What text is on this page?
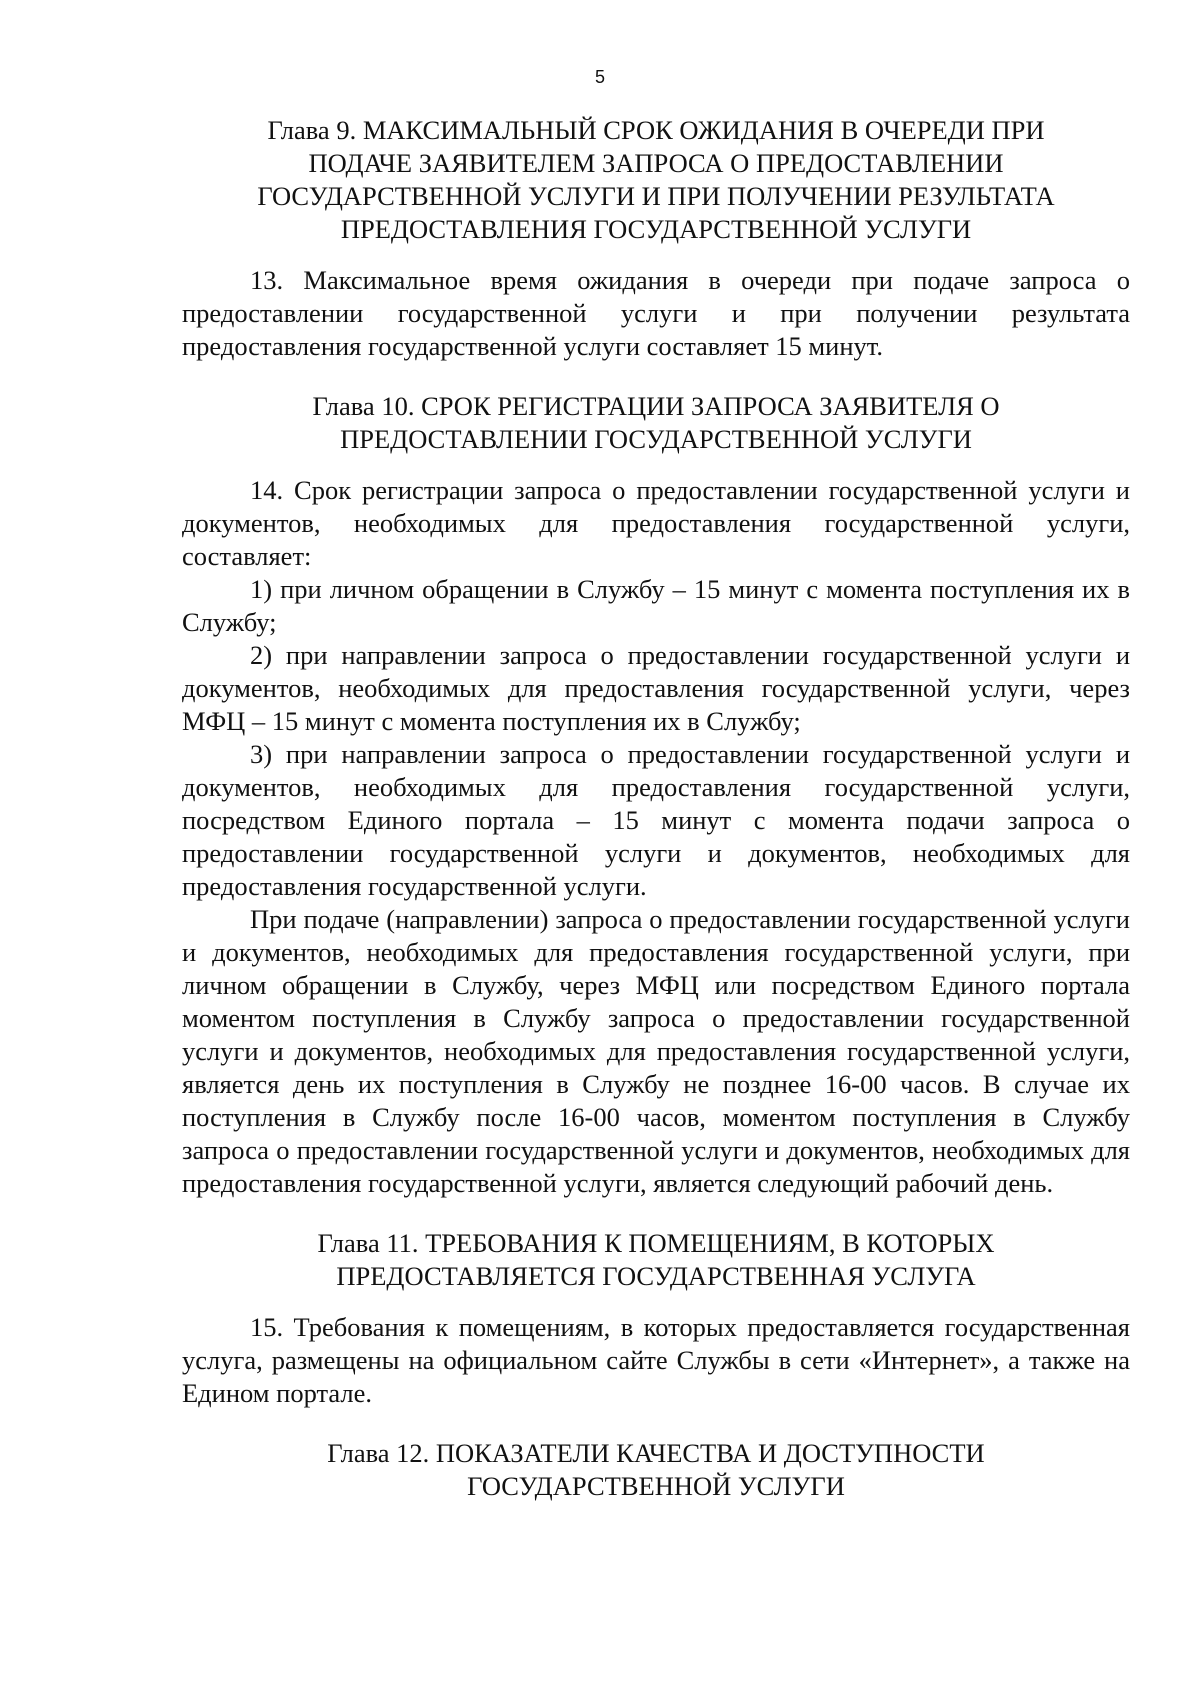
5
Глава 9. МАКСИМАЛЬНЫЙ СРОК ОЖИДАНИЯ В ОЧЕРЕДИ ПРИ
ПОДАЧЕ ЗАЯВИТЕЛЕМ ЗАПРОСА О ПРЕДОСТАВЛЕНИИ
ГОСУДАРСТВЕННОЙ УСЛУГИ И ПРИ ПОЛУЧЕНИИ РЕЗУЛЬТАТА
ПРЕДОСТАВЛЕНИЯ ГОСУДАРСТВЕННОЙ УСЛУГИ

13. Максимальное время ожидания в очереди при подаче запроса о предоставлении государственной услуги и при получении результата предоставления государственной услуги составляет 15 минут.

Глава 10. СРОК РЕГИСТРАЦИИ ЗАПРОСА ЗАЯВИТЕЛЯ О
ПРЕДОСТАВЛЕНИИ ГОСУДАРСТВЕННОЙ УСЛУГИ

14. Срок регистрации запроса о предоставлении государственной услуги и документов, необходимых для предоставления государственной услуги, составляет:

1) при личном обращении в Службу – 15 минут с момента поступления их в Службу;

2) при направлении запроса о предоставлении государственной услуги и документов, необходимых для предоставления государственной услуги, через МФЦ – 15 минут с момента поступления их в Службу;

3) при направлении запроса о предоставлении государственной услуги и документов, необходимых для предоставления государственной услуги, посредством Единого портала – 15 минут с момента подачи запроса о предоставлении государственной услуги и документов, необходимых для предоставления государственной услуги.

При подаче (направлении) запроса о предоставлении государственной услуги и документов, необходимых для предоставления государственной услуги, при личном обращении в Службу, через МФЦ или посредством Единого портала моментом поступления в Службу запроса о предоставлении государственной услуги и документов, необходимых для предоставления государственной услуги, является день их поступления в Службу не позднее 16-00 часов. В случае их поступления в Службу после 16-00 часов, моментом поступления в Службу запроса о предоставлении государственной услуги и документов, необходимых для предоставления государственной услуги, является следующий рабочий день.

Глава 11. ТРЕБОВАНИЯ К ПОМЕЩЕНИЯМ, В КОТОРЫХ
ПРЕДОСТАВЛЯЕТСЯ ГОСУДАРСТВЕННАЯ УСЛУГА

15. Требования к помещениям, в которых предоставляется государственная услуга, размещены на официальном сайте Службы в сети «Интернет», а также на Едином портале.

Глава 12. ПОКАЗАТЕЛИ КАЧЕСТВА И ДОСТУПНОСТИ
ГОСУДАРСТВЕННОЙ УСЛУГИ
